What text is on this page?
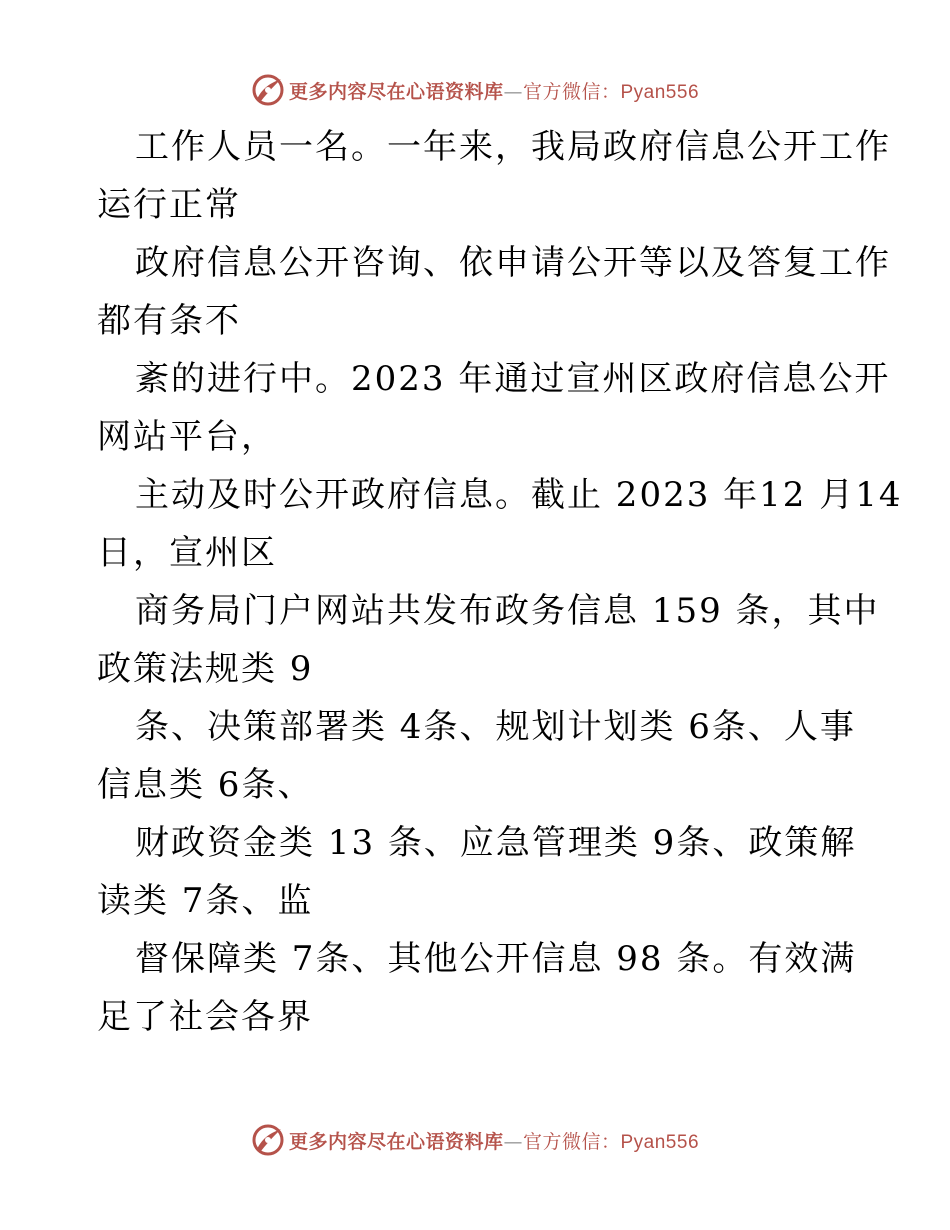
更多内容尽在心语资料库—官方微信：Pyan556
工作人员一名。一年来，我局政府信息公开工作
运行正常
政府信息公开咨询、依申请公开等以及答复工作
都有条不
紊的进行中。2023 年通过宣州区政府信息公开
网站平台，
主动及时公开政府信息。截止 2023 年12 月14
日，宣州区
商务局门户网站共发布政务信息 159 条，其中
政策法规类 9
条、决策部署类 4条、规划计划类 6条、人事
信息类 6条、
财政资金类 13 条、应急管理类 9条、政策解
读类 7条、监
督保障类 7条、其他公开信息 98 条。有效满
足了社会各界
更多内容尽在心语资料库—官方微信：Pyan556
